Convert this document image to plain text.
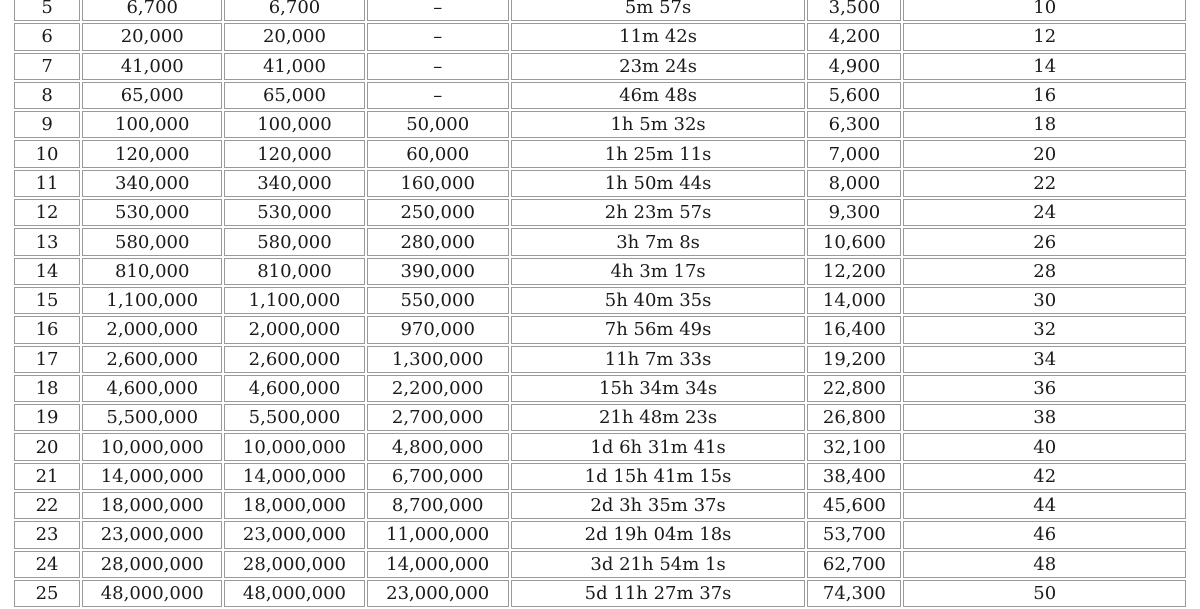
5	6,700	6,700	–	5m 57s	3,500	10
6	20,000	20,000	–	11m 42s	4,200	12
7	41,000	41,000	–	23m 24s	4,900	14
8	65,000	65,000	–	46m 48s	5,600	16
9	100,000	100,000	50,000	1h 5m 32s	6,300	18
10	120,000	120,000	60,000	1h 25m 11s	7,000	20
11	340,000	340,000	160,000	1h 50m 44s	8,000	22
12	530,000	530,000	250,000	2h 23m 57s	9,300	24
13	580,000	580,000	280,000	3h 7m 8s	10,600	26
14	810,000	810,000	390,000	4h 3m 17s	12,200	28
15	1,100,000	1,100,000	550,000	5h 40m 35s	14,000	30
16	2,000,000	2,000,000	970,000	7h 56m 49s	16,400	32
17	2,600,000	2,600,000	1,300,000	11h 7m 33s	19,200	34
18	4,600,000	4,600,000	2,200,000	15h 34m 34s	22,800	36
19	5,500,000	5,500,000	2,700,000	21h 48m 23s	26,800	38
20	10,000,000	10,000,000	4,800,000	1d 6h 31m 41s	32,100	40
21	14,000,000	14,000,000	6,700,000	1d 15h 41m 15s	38,400	42
22	18,000,000	18,000,000	8,700,000	2d 3h 35m 37s	45,600	44
23	23,000,000	23,000,000	11,000,000	2d 19h 04m 18s	53,700	46
24	28,000,000	28,000,000	14,000,000	3d 21h 54m 1s	62,700	48
25	48,000,000	48,000,000	23,000,000	5d 11h 27m 37s	74,300	50
